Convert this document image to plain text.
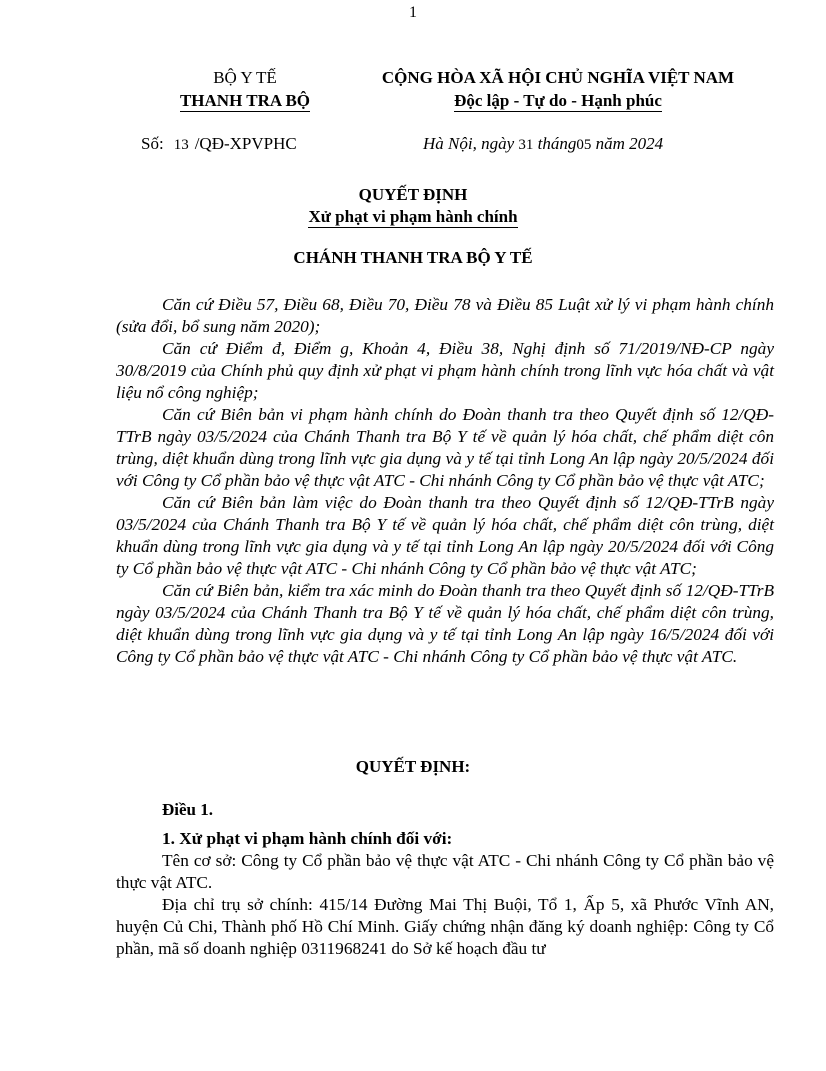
1
BỘ Y TẾ
THANH TRA BỘ
CỘNG HÒA XÃ HỘI CHỦ NGHĨA VIỆT NAM
Độc lập - Tự do - Hạnh phúc
Số: 13 /QĐ-XPVPHC	Hà Nội, ngày 31 tháng05 năm 2024
QUYẾT ĐỊNH
Xử phạt vi phạm hành chính
CHÁNH THANH TRA BỘ Y TẾ

Căn cứ Điều 57, Điều 68, Điều 70, Điều 78 và Điều 85 Luật xử lý vi phạm hành chính (sửa đổi, bổ sung năm 2020);

Căn cứ Điểm đ, Điểm g, Khoản 4, Điều 38, Nghị định số 71/2019/NĐ-CP ngày 30/8/2019 của Chính phủ quy định xử phạt vi phạm hành chính trong lĩnh vực hóa chất và vật liệu nổ công nghiệp;

Căn cứ Biên bản vi phạm hành chính do Đoàn thanh tra theo Quyết định số 12/QĐ-TTrB ngày 03/5/2024 của Chánh Thanh tra Bộ Y tế về quản lý hóa chất, chế phẩm diệt côn trùng, diệt khuẩn dùng trong lĩnh vực gia dụng và y tế tại tỉnh Long An lập ngày 20/5/2024 đối với Công ty Cổ phần bảo vệ thực vật ATC - Chi nhánh Công ty Cổ phần bảo vệ thực vật ATC;

Căn cứ Biên bản làm việc do Đoàn thanh tra theo Quyết định số 12/QĐ-TTrB ngày 03/5/2024 của Chánh Thanh tra Bộ Y tế về quản lý hóa chất, chế phẩm diệt côn trùng, diệt khuẩn dùng trong lĩnh vực gia dụng và y tế tại tỉnh Long An lập ngày 20/5/2024 đối với Công ty Cổ phần bảo vệ thực vật ATC - Chi nhánh Công ty Cổ phần bảo vệ thực vật ATC;

Căn cứ Biên bản, kiểm tra xác minh do Đoàn thanh tra theo Quyết định số 12/QĐ-TTrB ngày 03/5/2024 của Chánh Thanh tra Bộ Y tế về quản lý hóa chất, chế phẩm diệt côn trùng, diệt khuẩn dùng trong lĩnh vực gia dụng và y tế tại tỉnh Long An lập ngày 16/5/2024 đối với Công ty Cổ phần bảo vệ thực vật ATC - Chi nhánh Công ty Cổ phần bảo vệ thực vật ATC.

QUYẾT ĐỊNH:
Điều 1.

1. Xử phạt vi phạm hành chính đối với:

Tên cơ sở: Công ty Cổ phần bảo vệ thực vật ATC - Chi nhánh Công ty Cổ phần bảo vệ thực vật ATC.

Địa chỉ trụ sở chính: 415/14 Đường Mai Thị Buội, Tổ 1, Ấp 5, xã Phước Vĩnh AN, huyện Củ Chi, Thành phố Hồ Chí Minh. Giấy chứng nhận đăng ký doanh nghiệp: Công ty Cổ phần, mã số doanh nghiệp 0311968241 do Sở kế hoạch đầu tư
